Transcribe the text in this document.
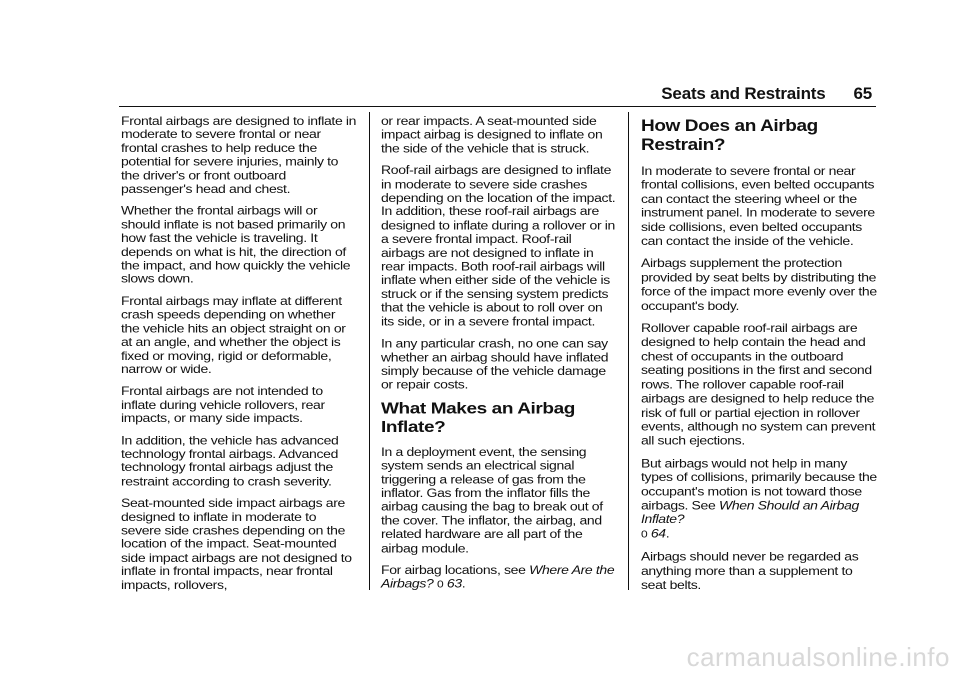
Seats and Restraints 65

Frontal airbags are designed to inflate in moderate to severe frontal or near frontal crashes to help reduce the potential for severe injuries, mainly to the driver's or front outboard passenger's head and chest.

Whether the frontal airbags will or should inflate is not based primarily on how fast the vehicle is traveling. It depends on what is hit, the direction of the impact, and how quickly the vehicle slows down.

Frontal airbags may inflate at different crash speeds depending on whether the vehicle hits an object straight on or at an angle, and whether the object is fixed or moving, rigid or deformable, narrow or wide.

Frontal airbags are not intended to inflate during vehicle rollovers, rear impacts, or many side impacts.

In addition, the vehicle has advanced technology frontal airbags. Advanced technology frontal airbags adjust the restraint according to crash severity.

Seat-mounted side impact airbags are designed to inflate in moderate to severe side crashes depending on the location of the impact. Seat-mounted side impact airbags are not designed to inflate in frontal impacts, near frontal impacts, rollovers,

or rear impacts. A seat-mounted side impact airbag is designed to inflate on the side of the vehicle that is struck.

Roof-rail airbags are designed to inflate in moderate to severe side crashes depending on the location of the impact. In addition, these roof-rail airbags are designed to inflate during a rollover or in a severe frontal impact. Roof-rail airbags are not designed to inflate in rear impacts. Both roof-rail airbags will inflate when either side of the vehicle is struck or if the sensing system predicts that the vehicle is about to roll over on its side, or in a severe frontal impact.

In any particular crash, no one can say whether an airbag should have inflated simply because of the vehicle damage or repair costs.

What Makes an Airbag Inflate?

In a deployment event, the sensing system sends an electrical signal triggering a release of gas from the inflator. Gas from the inflator fills the airbag causing the bag to break out of the cover. The inflator, the airbag, and related hardware are all part of the airbag module.

For airbag locations, see Where Are the Airbags? 0 63.

How Does an Airbag Restrain?

In moderate to severe frontal or near frontal collisions, even belted occupants can contact the steering wheel or the instrument panel. In moderate to severe side collisions, even belted occupants can contact the inside of the vehicle.

Airbags supplement the protection provided by seat belts by distributing the force of the impact more evenly over the occupant's body.

Rollover capable roof-rail airbags are designed to help contain the head and chest of occupants in the outboard seating positions in the first and second rows. The rollover capable roof-rail airbags are designed to help reduce the risk of full or partial ejection in rollover events, although no system can prevent all such ejections.

But airbags would not help in many types of collisions, primarily because the occupant's motion is not toward those airbags. See When Should an Airbag Inflate?
0 64.

Airbags should never be regarded as anything more than a supplement to seat belts.

carmanualsonline.info
